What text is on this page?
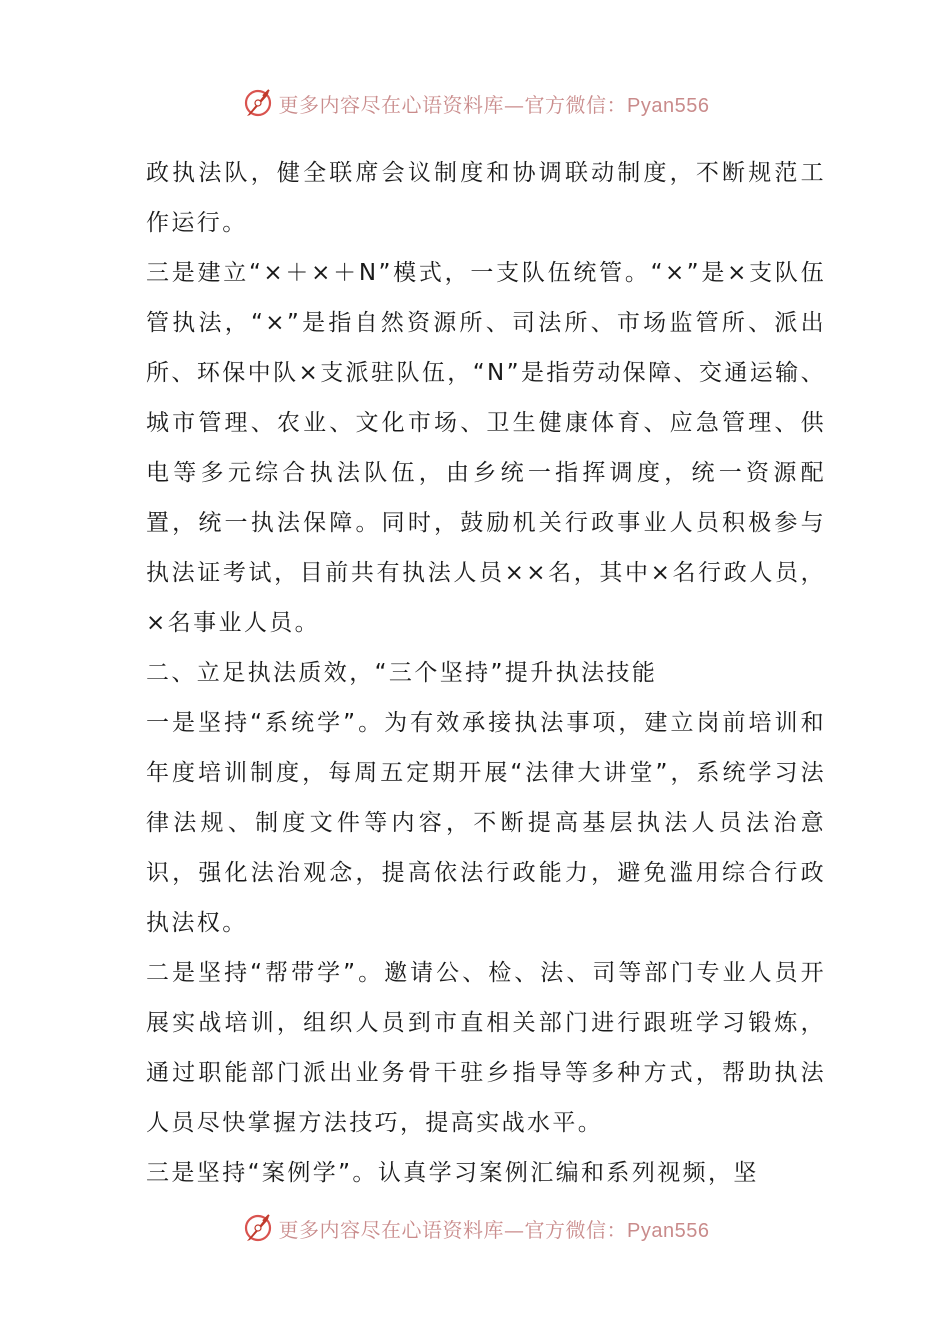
更多内容尽在心语资料库—官方微信：Pyan556

政执法队，健全联席会议制度和协调联动制度，不断规范工作运行。

三是建立“×＋×＋N”模式，一支队伍统管。“×”是×支队伍管执法，“×”是指自然资源所、司法所、市场监管所、派出所、环保中队×支派驻队伍，“N”是指劳动保障、交通运输、城市管理、农业、文化市场、卫生健康体育、应急管理、供电等多元综合执法队伍，由乡统一指挥调度，统一资源配置，统一执法保障。同时，鼓励机关行政事业人员积极参与执法证考试，目前共有执法人员××名，其中×名行政人员，×名事业人员。

二、立足执法质效，“三个坚持”提升执法技能

一是坚持“系统学”。为有效承接执法事项，建立岗前培训和年度培训制度，每周五定期开展“法律大讲堂”，系统学习法律法规、制度文件等内容，不断提高基层执法人员法治意识，强化法治观念，提高依法行政能力，避免滥用综合行政执法权。

二是坚持“帮带学”。邀请公、检、法、司等部门专业人员开展实战培训，组织人员到市直相关部门进行跟班学习锻炼，通过职能部门派出业务骨干驻乡指导等多种方式，帮助执法人员尽快掌握方法技巧，提高实战水平。

三是坚持“案例学”。认真学习案例汇编和系列视频，坚

更多内容尽在心语资料库—官方微信：Pyan556
